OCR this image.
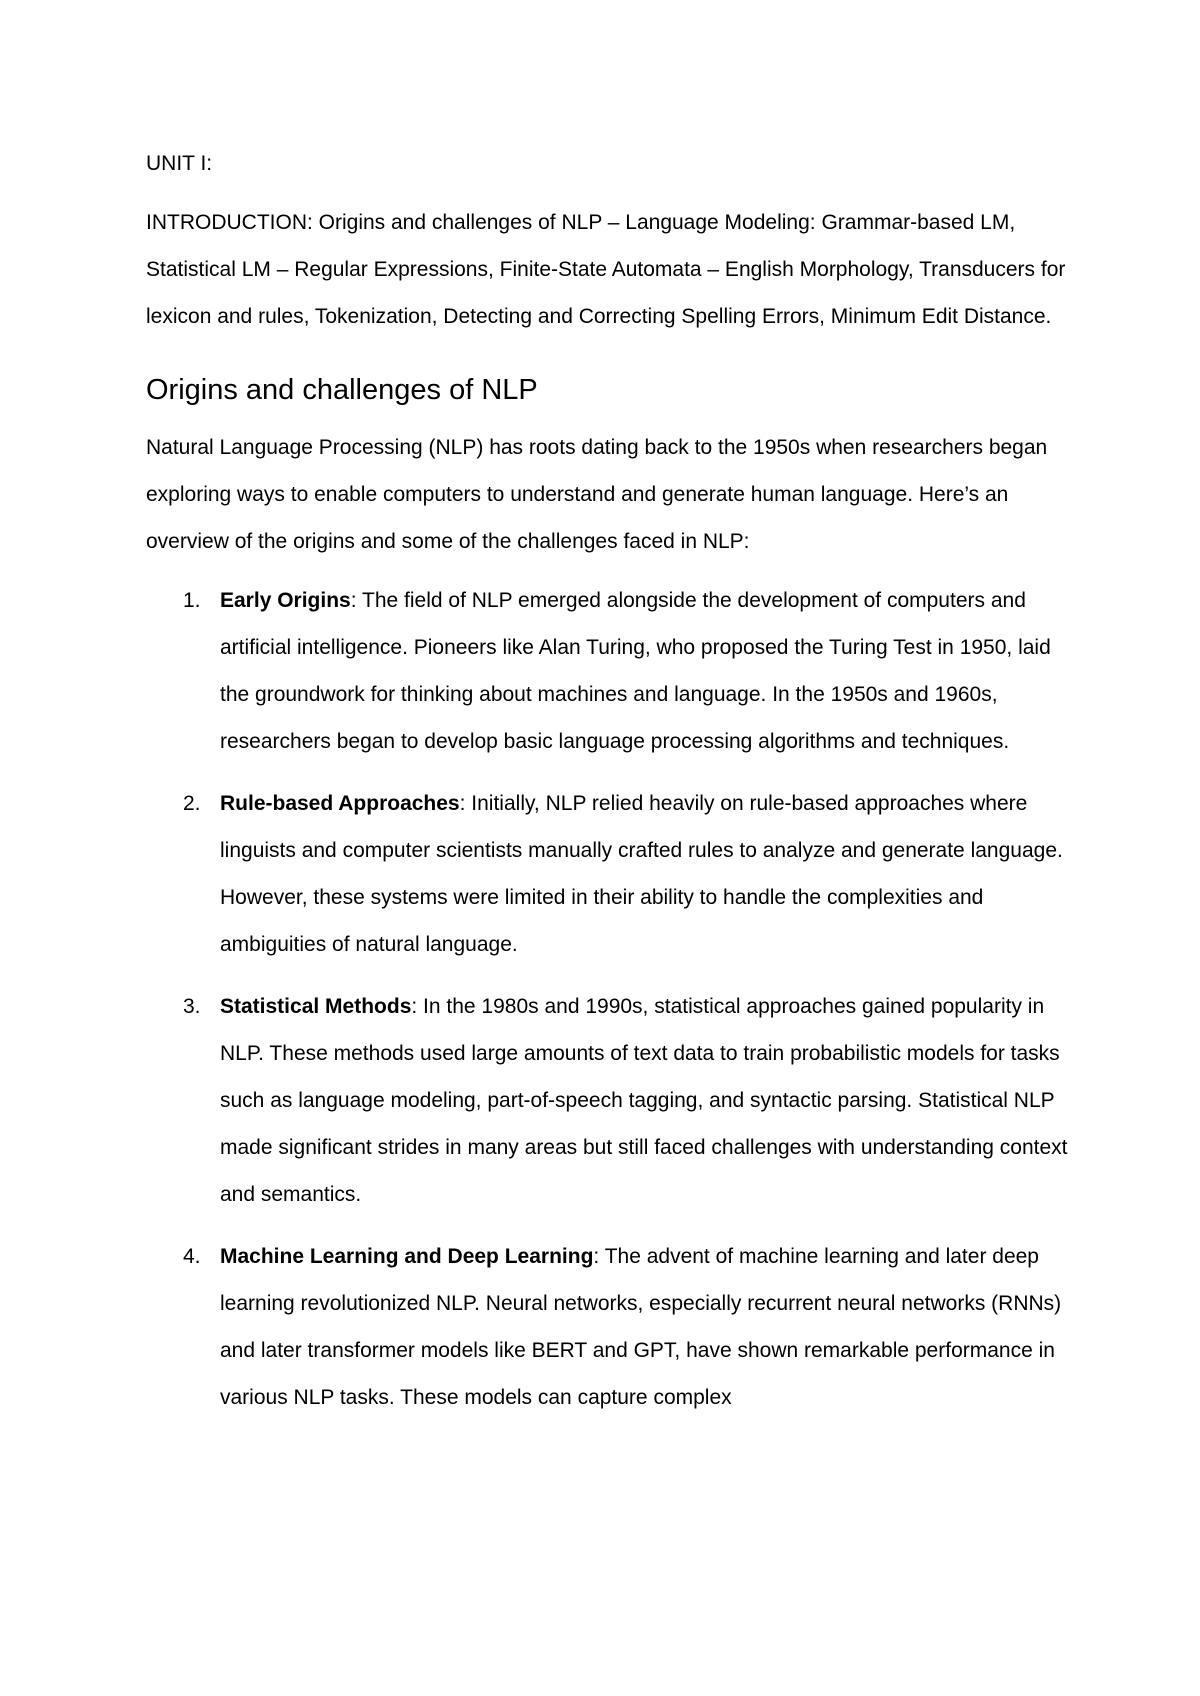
UNIT I:

INTRODUCTION: Origins and challenges of NLP – Language Modeling: Grammar-based LM, Statistical LM – Regular Expressions, Finite-State Automata – English Morphology, Transducers for lexicon and rules, Tokenization, Detecting and Correcting Spelling Errors, Minimum Edit Distance.

Origins and challenges of NLP

Natural Language Processing (NLP) has roots dating back to the 1950s when researchers began exploring ways to enable computers to understand and generate human language. Here’s an overview of the origins and some of the challenges faced in NLP:

1. Early Origins: The field of NLP emerged alongside the development of computers and artificial intelligence. Pioneers like Alan Turing, who proposed the Turing Test in 1950, laid the groundwork for thinking about machines and language. In the 1950s and 1960s, researchers began to develop basic language processing algorithms and techniques.
2. Rule-based Approaches: Initially, NLP relied heavily on rule-based approaches where linguists and computer scientists manually crafted rules to analyze and generate language. However, these systems were limited in their ability to handle the complexities and ambiguities of natural language.
3. Statistical Methods: In the 1980s and 1990s, statistical approaches gained popularity in NLP. These methods used large amounts of text data to train probabilistic models for tasks such as language modeling, part-of-speech tagging, and syntactic parsing. Statistical NLP made significant strides in many areas but still faced challenges with understanding context and semantics.
4. Machine Learning and Deep Learning: The advent of machine learning and later deep learning revolutionized NLP. Neural networks, especially recurrent neural networks (RNNs) and later transformer models like BERT and GPT, have shown remarkable performance in various NLP tasks. These models can capture complex
